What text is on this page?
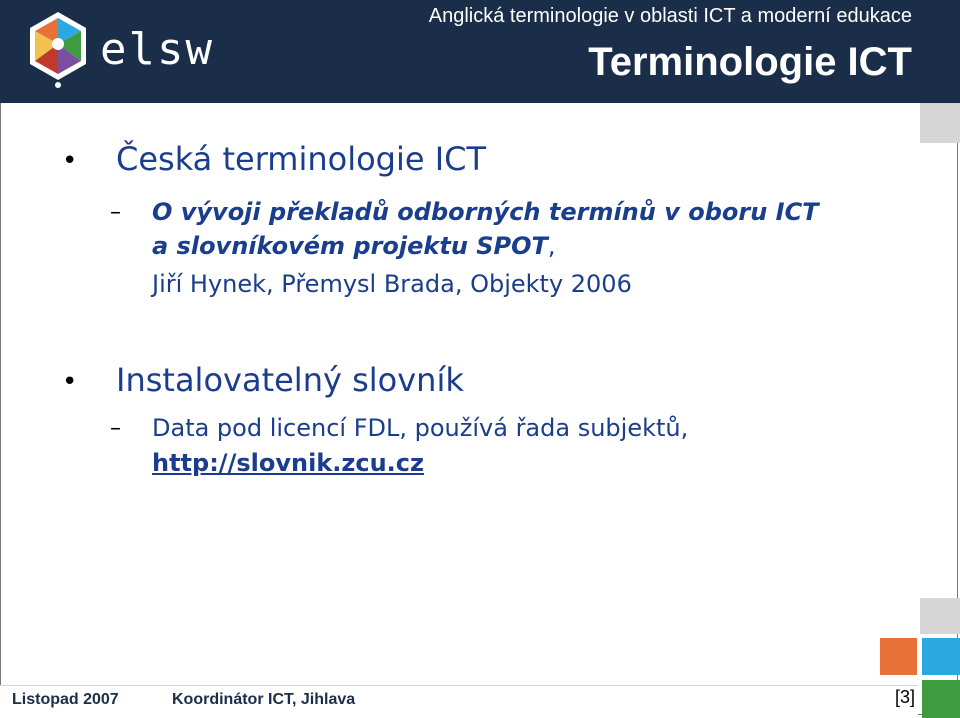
elsw
Anglická terminologie v oblasti ICT a moderní edukace
Terminologie ICT
• Česká terminologie ICT
– O vývoji překladů odborných termínů v oboru ICT
a slovníkovém projektu SPOT,
Jiří Hynek, Přemysl Brada, Objekty 2006
• Instalovatelný slovník
– Data pod licencí FDL, používá řada subjektů,
http://slovnik.zcu.cz
Listopad 2007	Koordinátor ICT, Jihlava	[3]
